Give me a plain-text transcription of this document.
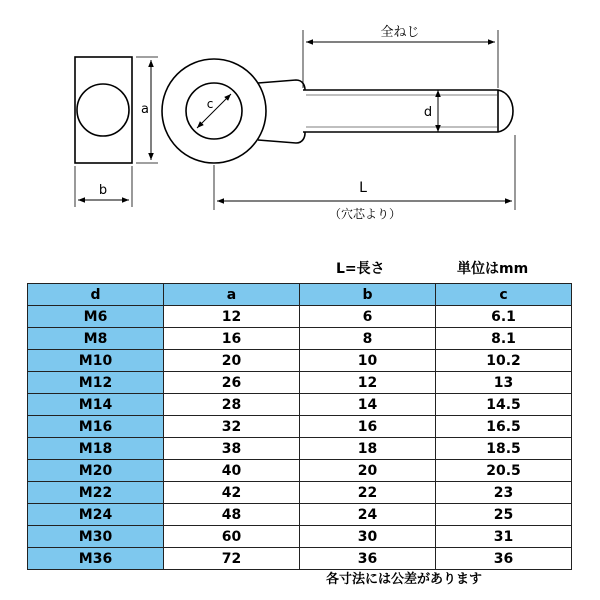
全ねじ
a
b
c
d
L
（穴芯より）
L=長さ	単位はmm
d	a	b	c
M6	12	6	6.1
M8	16	8	8.1
M10	20	10	10.2
M12	26	12	13
M14	28	14	14.5
M16	32	16	16.5
M18	38	18	18.5
M20	40	20	20.5
M22	42	22	23
M24	48	24	25
M30	60	30	31
M36	72	36	36
各寸法には公差があります
